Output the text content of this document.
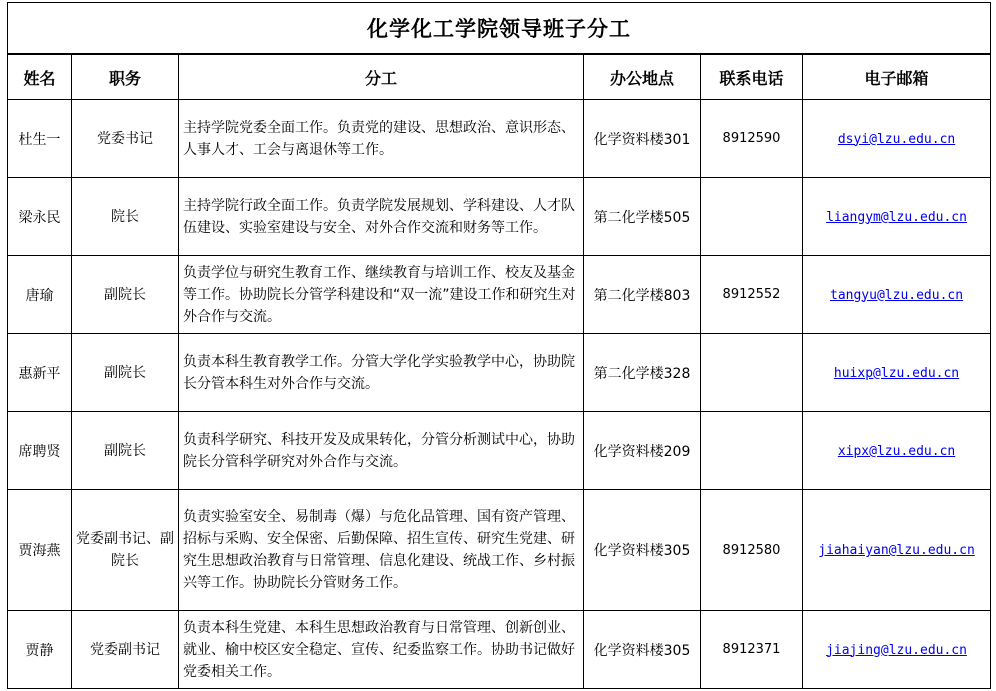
化学化工学院领导班子分工					
姓名	职务	分工	办公地点	联系电话	电子邮箱
杜生一	党委书记	主持学院党委全面工作。负责党的建设、思想政治、意识形态、人事人才、工会与离退休等工作。	化学资料楼301	8912590	dsyi@lzu.edu.cn
梁永民	院长	主持学院行政全面工作。负责学院发展规划、学科建设、人才队伍建设、实验室建设与安全、对外合作交流和财务等工作。	第二化学楼505		liangym@lzu.edu.cn
唐瑜	副院长	负责学位与研究生教育工作、继续教育与培训工作、校友及基金等工作。协助院长分管学科建设和“双一流”建设工作和研究生对外合作与交流。	第二化学楼803	8912552	tangyu@lzu.edu.cn
惠新平	副院长	负责本科生教育教学工作。分管大学化学实验教学中心，协助院长分管本科生对外合作与交流。	第二化学楼328		huixp@lzu.edu.cn
席聘贤	副院长	负责科学研究、科技开发及成果转化，分管分析测试中心，协助院长分管科学研究对外合作与交流。	化学资料楼209		xipx@lzu.edu.cn
贾海燕	党委副书记、副院长	负责实验室安全、易制毒（爆）与危化品管理、国有资产管理、招标与采购、安全保密、后勤保障、招生宣传、研究生党建、研究生思想政治教育与日常管理、信息化建设、统战工作、乡村振兴等工作。协助院长分管财务工作。	化学资料楼305	8912580	jiahaiyan@lzu.edu.cn
贾静	党委副书记	负责本科生党建、本科生思想政治教育与日常管理、创新创业、就业、榆中校区安全稳定、宣传、纪委监察工作。协助书记做好党委相关工作。	化学资料楼305	8912371	jiajing@lzu.edu.cn
